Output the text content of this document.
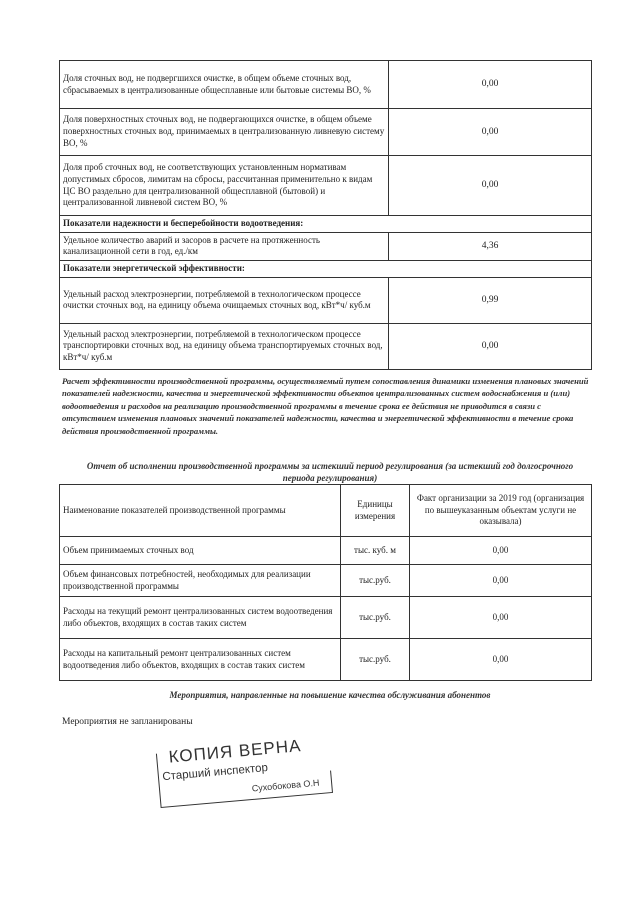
Доля сточных вод, не подвергшихся очистке, в общем объеме сточных вод, сбрасываемых в централизованные общесплавные или бытовые системы ВО, %	0,00
Доля поверхностных сточных вод, не подвергающихся очистке, в общем объеме поверхностных сточных вод, принимаемых в централизованную ливневую систему ВО, %	0,00
Доля проб сточных вод, не соответствующих установленным нормативам допустимых сбросов, лимитам на сбросы, рассчитанная применительно к видам ЦС ВО раздельно для централизованной общесплавной (бытовой) и централизованной ливневой систем ВО, %	0,00
Показатели надежности и бесперебойности водоотведения:	
Удельное количество аварий и засоров в расчете на протяженность канализационной сети в год, ед./км	4,36
Показатели энергетической эффективности:	
Удельный расход электроэнергии, потребляемой в технологическом процессе очистки сточных вод, на единицу объема очищаемых сточных вод, кВт*ч/ куб.м	0,99
Удельный расход электроэнергии, потребляемой в технологическом процессе транспортировки сточных вод, на единицу объема транспортируемых сточных вод, кВт*ч/ куб.м	0,00
Расчет эффективности производственной программы, осуществляемый путем сопоставления динамики изменения плановых значений показателей надежности, качества и энергетической эффективности объектов централизованных систем водоснабжения и (или) водоотведения и расходов на реализацию производственной программы в течение срока ее действия не приводится в связи с отсутствием изменения плановых значений показателей надежности, качества и энергетической эффективности в течение срока действия производственной программы.
Отчет об исполнении производственной программы за истекший период регулирования (за истекший год долгосрочного периода регулирования)
Наименование показателей производственной программы	Единицы измерения	Факт организации за 2019 год (организация по вышеуказанным объектам услуги не оказывала)
Объем принимаемых сточных вод	тыс. куб. м	0,00
Объем финансовых потребностей, необходимых для реализации производственной программы	тыс.руб.	0,00
Расходы на текущий ремонт централизованных систем водоотведения либо объектов, входящих в состав таких систем	тыс.руб.	0,00
Расходы на капитальный ремонт централизованных систем водоотведения либо объектов, входящих в состав таких систем	тыс.руб.	0,00
Мероприятия, направленные на повышение качества обслуживания абонентов
Мероприятия не запланированы
КОПИЯ ВЕРНА
Старший инспектор
Сухобокова О.Н
